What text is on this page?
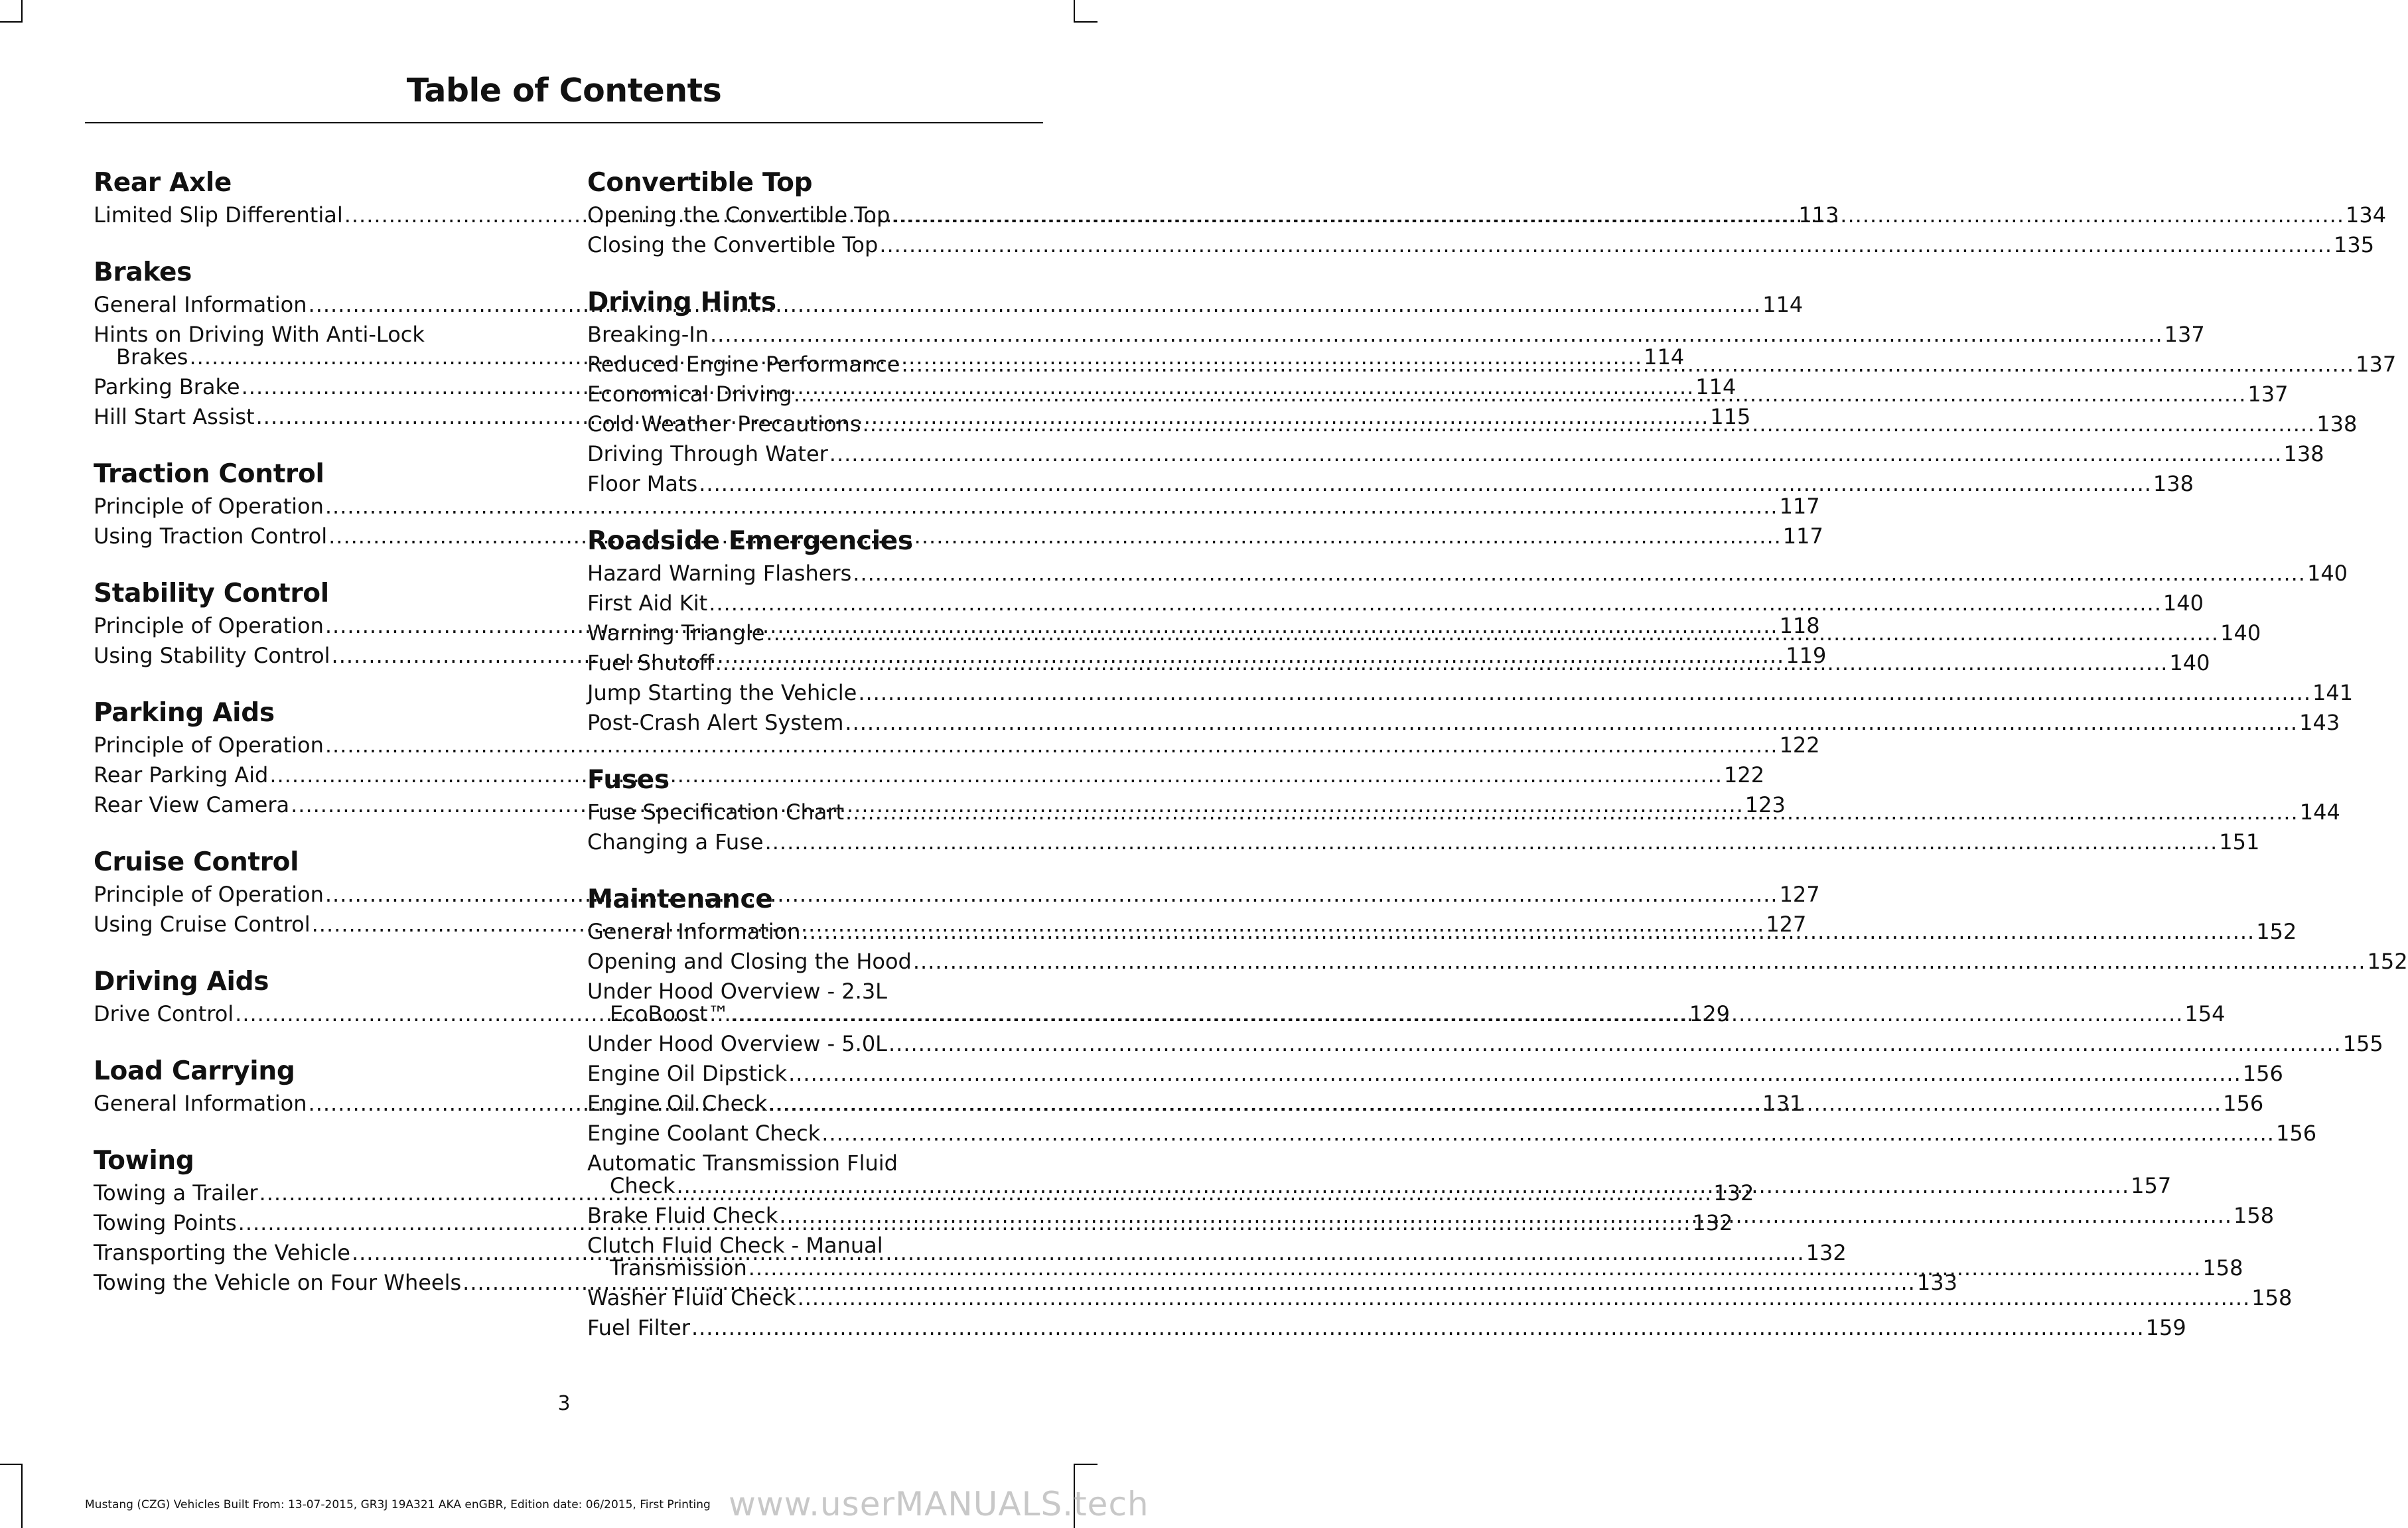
Table of Contents
Rear Axle
Limited Slip Differential .....	113
Brakes
General Information .....	114
Hints on Driving With Anti-Lock
Brakes .....	114
Parking Brake .....	114
Hill Start Assist .....	115
Traction Control
Principle of Operation .....	117
Using Traction Control .....	117
Stability Control
Principle of Operation .....	118
Using Stability Control .....	119
Parking Aids
Principle of Operation .....	122
Rear Parking Aid .....	122
Rear View Camera .....	123
Cruise Control
Principle of Operation .....	127
Using Cruise Control .....	127
Driving Aids
Drive Control .....	129
Load Carrying
General Information .....	131
Towing
Towing a Trailer .....	132
Towing Points .....	132
Transporting the Vehicle .....	132
Towing the Vehicle on Four Wheels .....	133
Convertible Top
Opening the Convertible Top .....	134
Closing the Convertible Top .....	135
Driving Hints
Breaking-In .....	137
Reduced Engine Performance .....	137
Economical Driving .....	137
Cold Weather Precautions .....	138
Driving Through Water .....	138
Floor Mats .....	138
Roadside Emergencies
Hazard Warning Flashers .....	140
First Aid Kit .....	140
Warning Triangle .....	140
Fuel Shutoff .....	140
Jump Starting the Vehicle .....	141
Post-Crash Alert System .....	143
Fuses
Fuse Specification Chart .....	144
Changing a Fuse .....	151
Maintenance
General Information .....	152
Opening and Closing the Hood .....	152
Under Hood Overview - 2.3L
EcoBoost™ .....	154
Under Hood Overview - 5.0L .....	155
Engine Oil Dipstick .....	156
Engine Oil Check .....	156
Engine Coolant Check .....	156
Automatic Transmission Fluid
Check .....	157
Brake Fluid Check .....	158
Clutch Fluid Check - Manual
Transmission .....	158
Washer Fluid Check .....	158
Fuel Filter .....	159
3
Mustang (CZG) Vehicles Built From: 13-07-2015, GR3J 19A321 AKA enGBR, Edition date: 06/2015, First Printing www.userMANUALS.tech
